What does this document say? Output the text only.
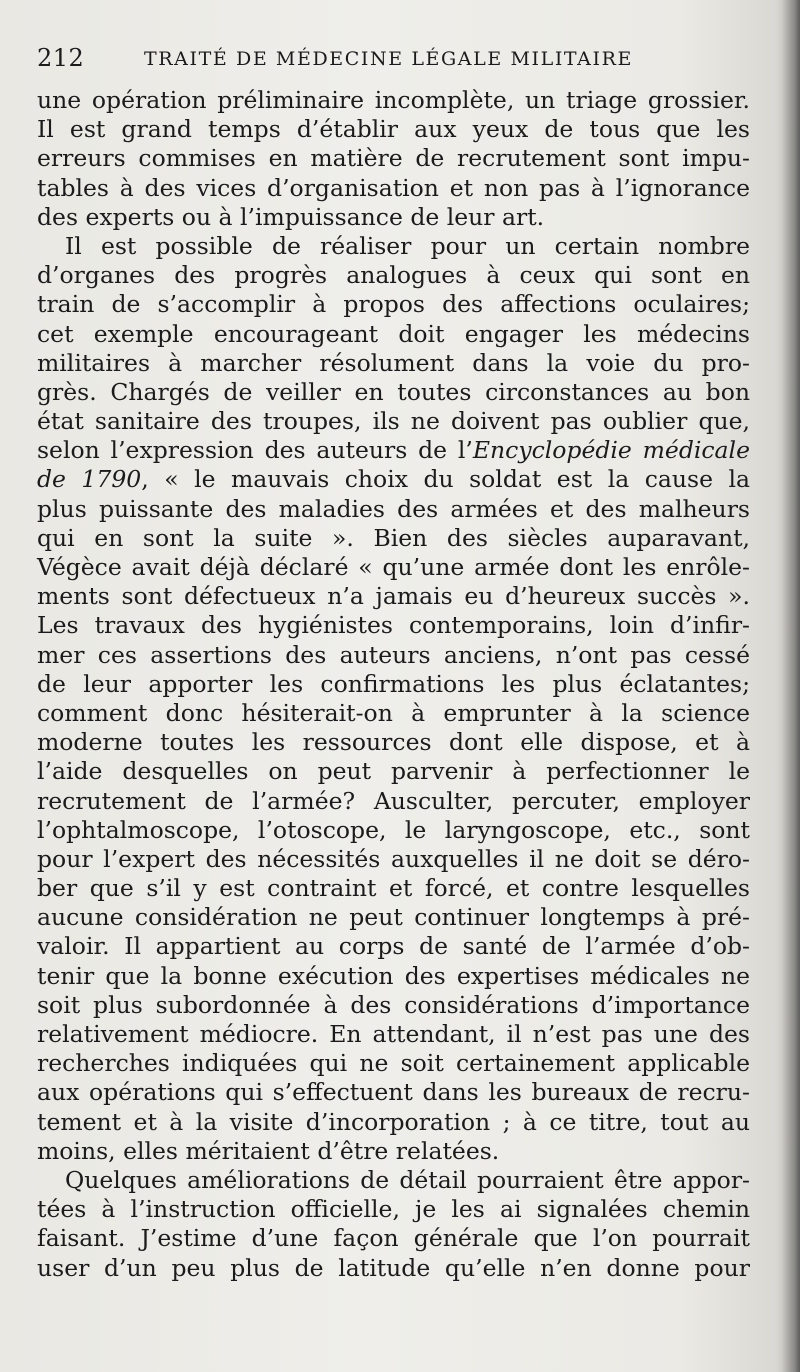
212	TRAITÉ DE MÉDECINE LÉGALE MILITAIRE
une opération préliminaire incomplète, un triage grossier.
Il est grand temps d’établir aux yeux de tous que les
erreurs commises en matière de recrutement sont impu-
tables à des vices d’organisation et non pas à l’ignorance
des experts ou à l’impuissance de leur art.
Il est possible de réaliser pour un certain nombre
d’organes des progrès analogues à ceux qui sont en
train de s’accomplir à propos des affections oculaires;
cet exemple encourageant doit engager les médecins
militaires à marcher résolument dans la voie du pro-
grès. Chargés de veiller en toutes circonstances au bon
état sanitaire des troupes, ils ne doivent pas oublier que,
selon l’expression des auteurs de l’Encyclopédie médicale
de 1790, « le mauvais choix du soldat est la cause la
plus puissante des maladies des armées et des malheurs
qui en sont la suite ». Bien des siècles auparavant,
Végèce avait déjà déclaré « qu’une armée dont les enrôle-
ments sont défectueux n’a jamais eu d’heureux succès ».
Les travaux des hygiénistes contemporains, loin d’infir-
mer ces assertions des auteurs anciens, n’ont pas cessé
de leur apporter les confirmations les plus éclatantes;
comment donc hésiterait-on à emprunter à la science
moderne toutes les ressources dont elle dispose, et à
l’aide desquelles on peut parvenir à perfectionner le
recrutement de l’armée? Ausculter, percuter, employer
l’ophtalmoscope, l’otoscope, le laryngoscope, etc., sont
pour l’expert des nécessités auxquelles il ne doit se déro-
ber que s’il y est contraint et forcé, et contre lesquelles
aucune considération ne peut continuer longtemps à pré-
valoir. Il appartient au corps de santé de l’armée d’ob-
tenir que la bonne exécution des expertises médicales ne
soit plus subordonnée à des considérations d’importance
relativement médiocre. En attendant, il n’est pas une des
recherches indiquées qui ne soit certainement applicable
aux opérations qui s’effectuent dans les bureaux de recru-
tement et à la visite d’incorporation ; à ce titre, tout au
moins, elles méritaient d’être relatées.
Quelques améliorations de détail pourraient être appor-
tées à l’instruction officielle, je les ai signalées chemin
faisant. J’estime d’une façon générale que l’on pourrait
user d’un peu plus de latitude qu’elle n’en donne pour
